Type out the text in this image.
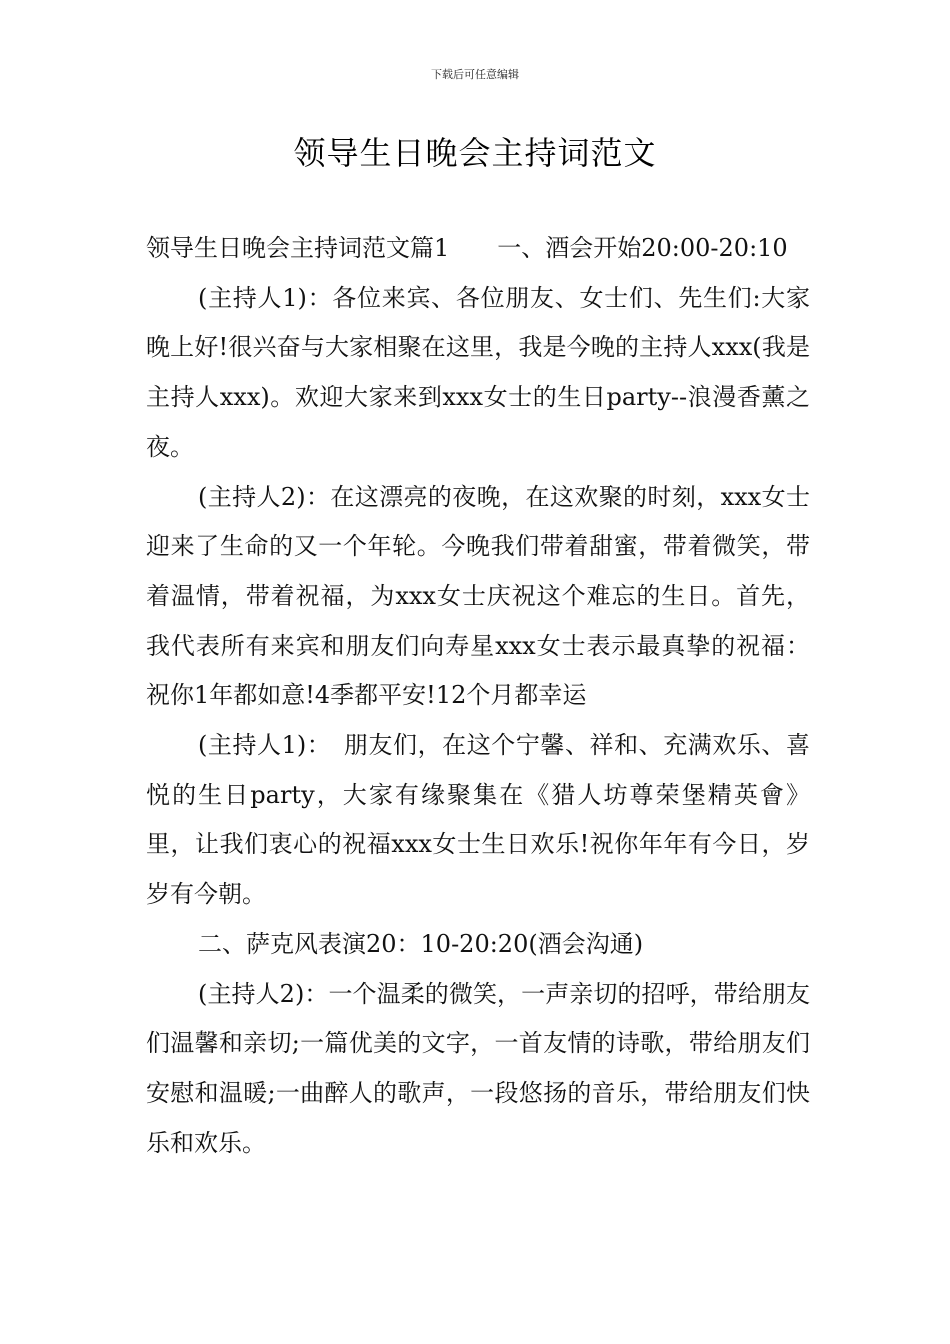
下载后可任意编辑
领导生日晚会主持词范文

领导生日晚会主持词范文篇1　　一、酒会开始20:00-20:10

(主持人1)：各位来宾、各位朋友、女士们、先生们:大家晚上好!很兴奋与大家相聚在这里，我是今晚的主持人xxx(我是主持人xxx)。欢迎大家来到xxx女士的生日party--浪漫香薰之夜。

(主持人2)：在这漂亮的夜晚，在这欢聚的时刻，xxx女士迎来了生命的又一个年轮。今晚我们带着甜蜜，带着微笑，带着温情，带着祝福，为xxx女士庆祝这个难忘的生日。首先，我代表所有来宾和朋友们向寿星xxx女士表示最真挚的祝福：祝你1年都如意!4季都平安!12个月都幸运

(主持人1)：　朋友们，在这个宁馨、祥和、充满欢乐、喜悦的生日party，大家有缘聚集在《猎人坊尊荣堡精英會》里，让我们衷心的祝福xxx女士生日欢乐!祝你年年有今日，岁岁有今朝。

二、萨克风表演20：10-20:20(酒会沟通)

(主持人2)：一个温柔的微笑，一声亲切的招呼，带给朋友们温馨和亲切;一篇优美的文字，一首友情的诗歌，带给朋友们安慰和温暖;一曲醉人的歌声，一段悠扬的音乐，带给朋友们快乐和欢乐。
